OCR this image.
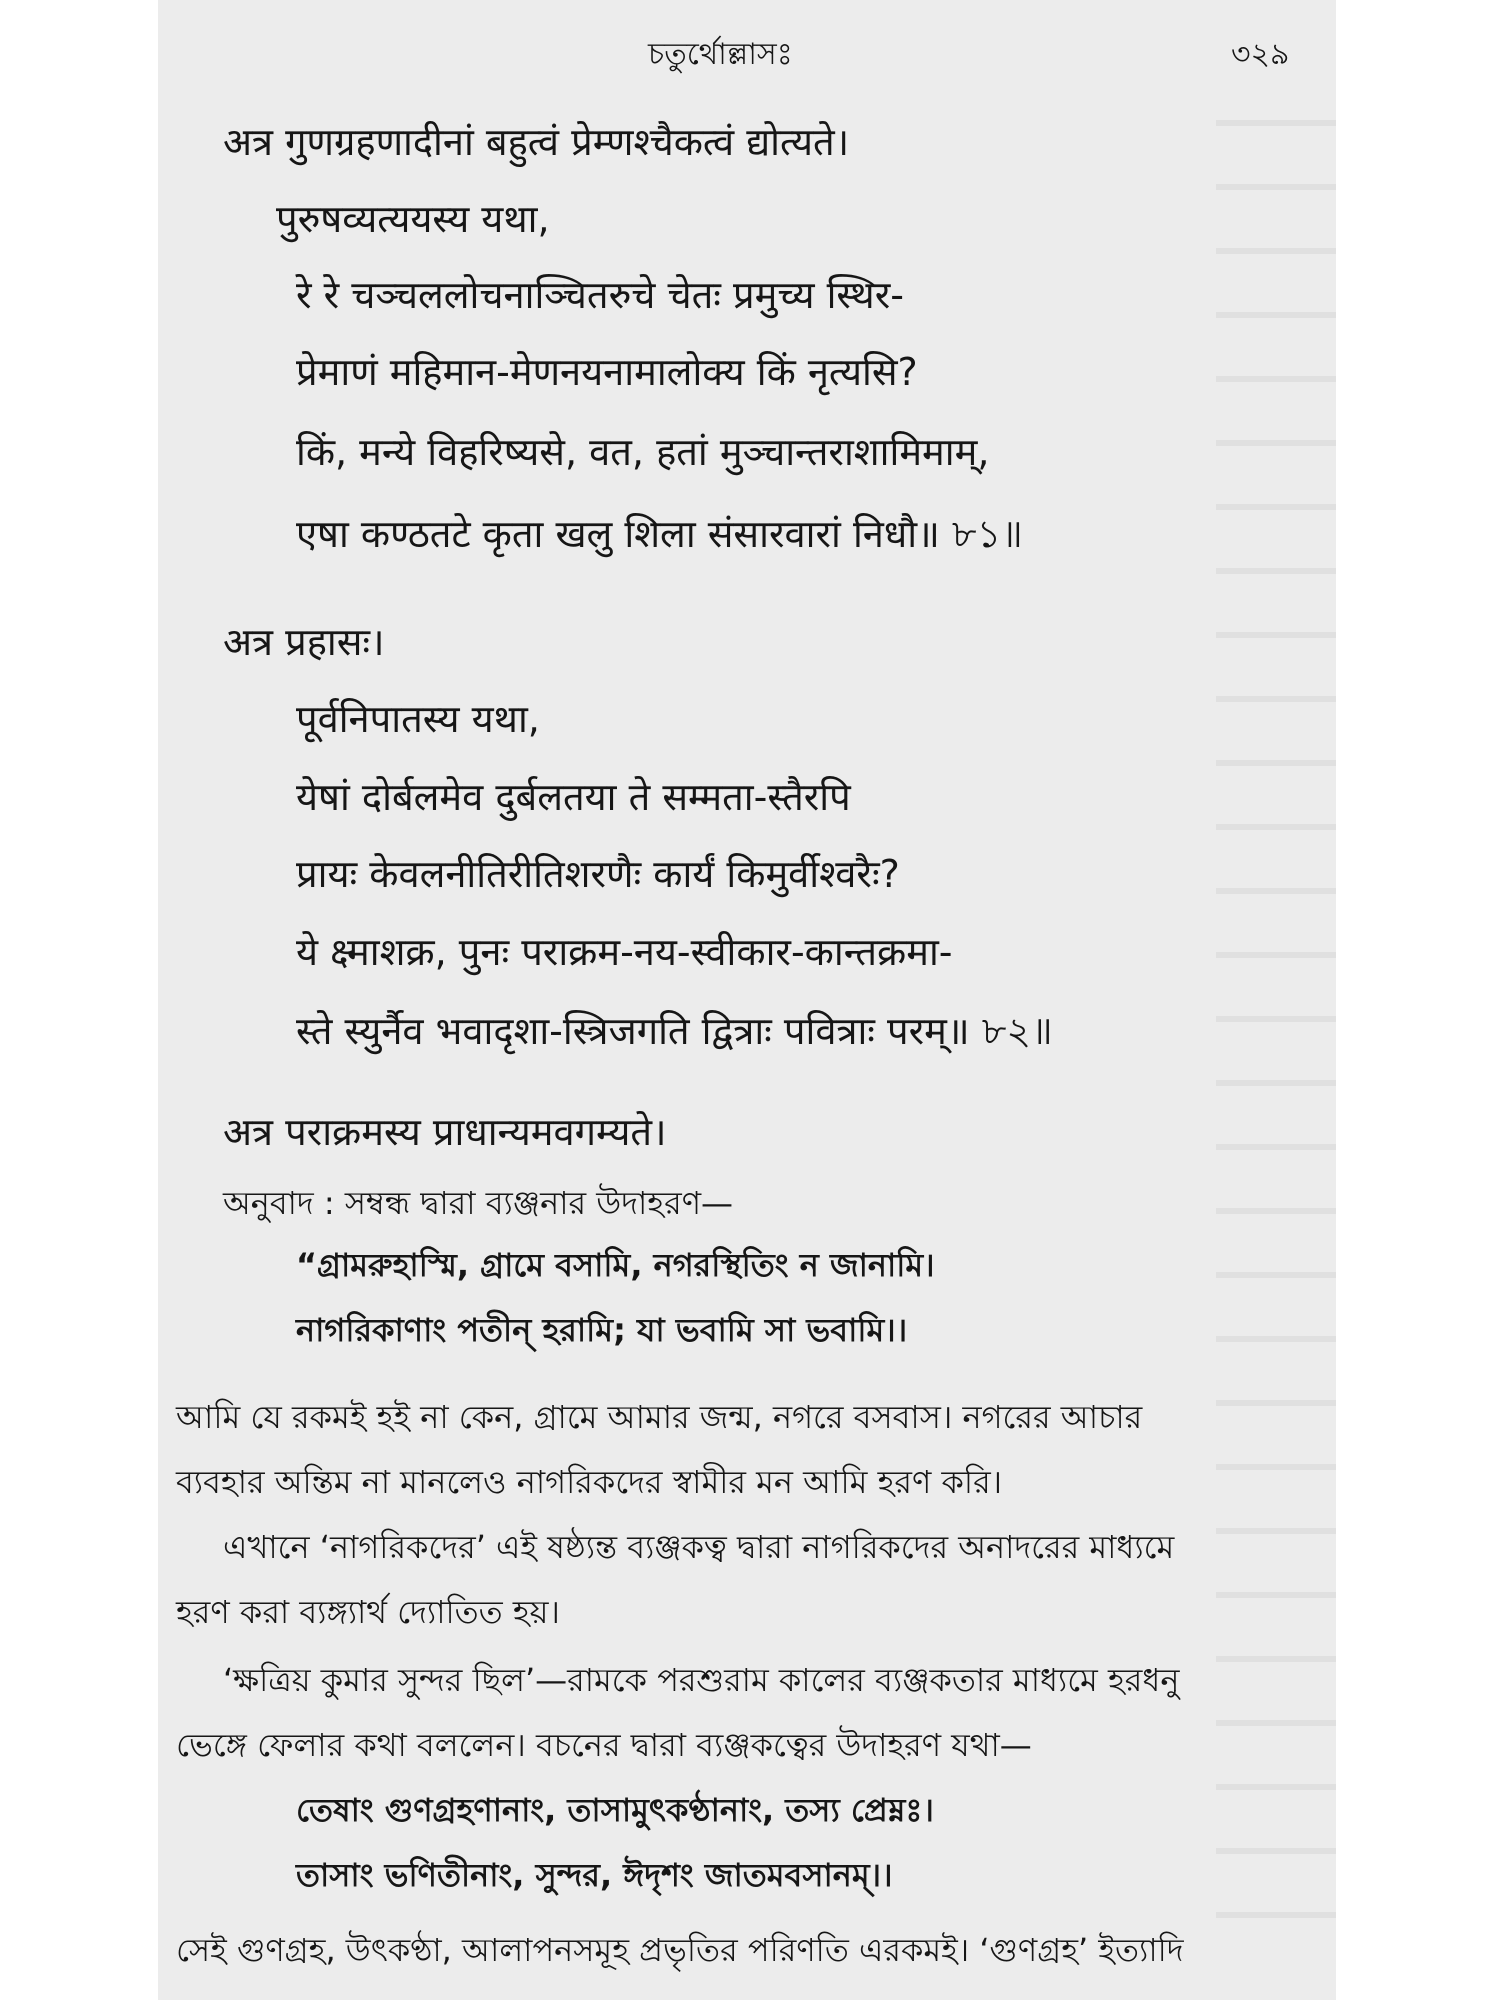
চতুর্থোল্লাসঃ	৩২৯
अत्र गुणग्रहणादीनां बहुत्वं प्रेम्णश्चैकत्वं द्योत्यते।
पुरुषव्यत्ययस्य यथा,
रे रे चञ्चललोचनाञ्चितरुचे चेतः प्रमुच्य स्थिर-
प्रेमाणं महिमान-मेणनयनामालोक्य किं नृत्यसि?
किं, मन्ये विहरिष्यसे, वत, हतां मुञ्चान्तराशामिमाम्,
एषा कण्ठतटे कृता खलु शिला संसारवारां निधौ॥ ৮১॥
अत्र प्रहासः।
पूर्वनिपातस्य यथा,
येषां दोर्बलमेव दुर्बलतया ते सम्मता-स्तैरपि
प्रायः केवलनीतिरीतिशरणैः कार्यं किमुर्वीश्वरैः?
ये क्ष्माशक्र, पुनः पराक्रम-नय-स्वीकार-कान्तक्रमा-
स्ते स्युर्नैव भवादृशा-स्त्रिजगति द्वित्राः पवित्राः परम्॥ ৮২॥
अत्र पराक्रमस्य प्राधान्यमवगम्यते।
অনুবাদ : সম্বন্ধ দ্বারা ব্যঞ্জনার উদাহরণ—
“গ্রামরুহাস্মি, গ্রামে বসামি, নগরস্থিতিং ন জানামি।
নাগরিকাণাং পতীন্ হরামি; যা ভবামি সা ভবামি।।
আমি যে রকমই হই না কেন, গ্রামে আমার জন্ম, নগরে বসবাস। নগরের আচার
ব্যবহার অন্তিম না মানলেও নাগরিকদের স্বামীর মন আমি হরণ করি।
এখানে ‘নাগরিকদের’ এই ষষ্ঠ্যন্ত ব্যঞ্জকত্ব দ্বারা নাগরিকদের অনাদরের মাধ্যমে
হরণ করা ব্যঙ্গ্যার্থ দ্যোতিত হয়।
‘ক্ষত্রিয় কুমার সুন্দর ছিল’—রামকে পরশুরাম কালের ব্যঞ্জকতার মাধ্যমে হরধনু
ভেঙ্গে ফেলার কথা বললেন। বচনের দ্বারা ব্যঞ্জকত্বের উদাহরণ যথা—
তেষাং গুণগ্রহণানাং, তাসামুৎকণ্ঠানাং, তস্য প্রেম্নঃ।
তাসাং ভণিতীনাং, সুন্দর, ঈদৃশং জাতমবসানম্।।
সেই গুণগ্রহ, উৎকণ্ঠা, আলাপনসমূহ প্রভৃতির পরিণতি এরকমই। ‘গুণগ্রহ’ ইত্যাদি
